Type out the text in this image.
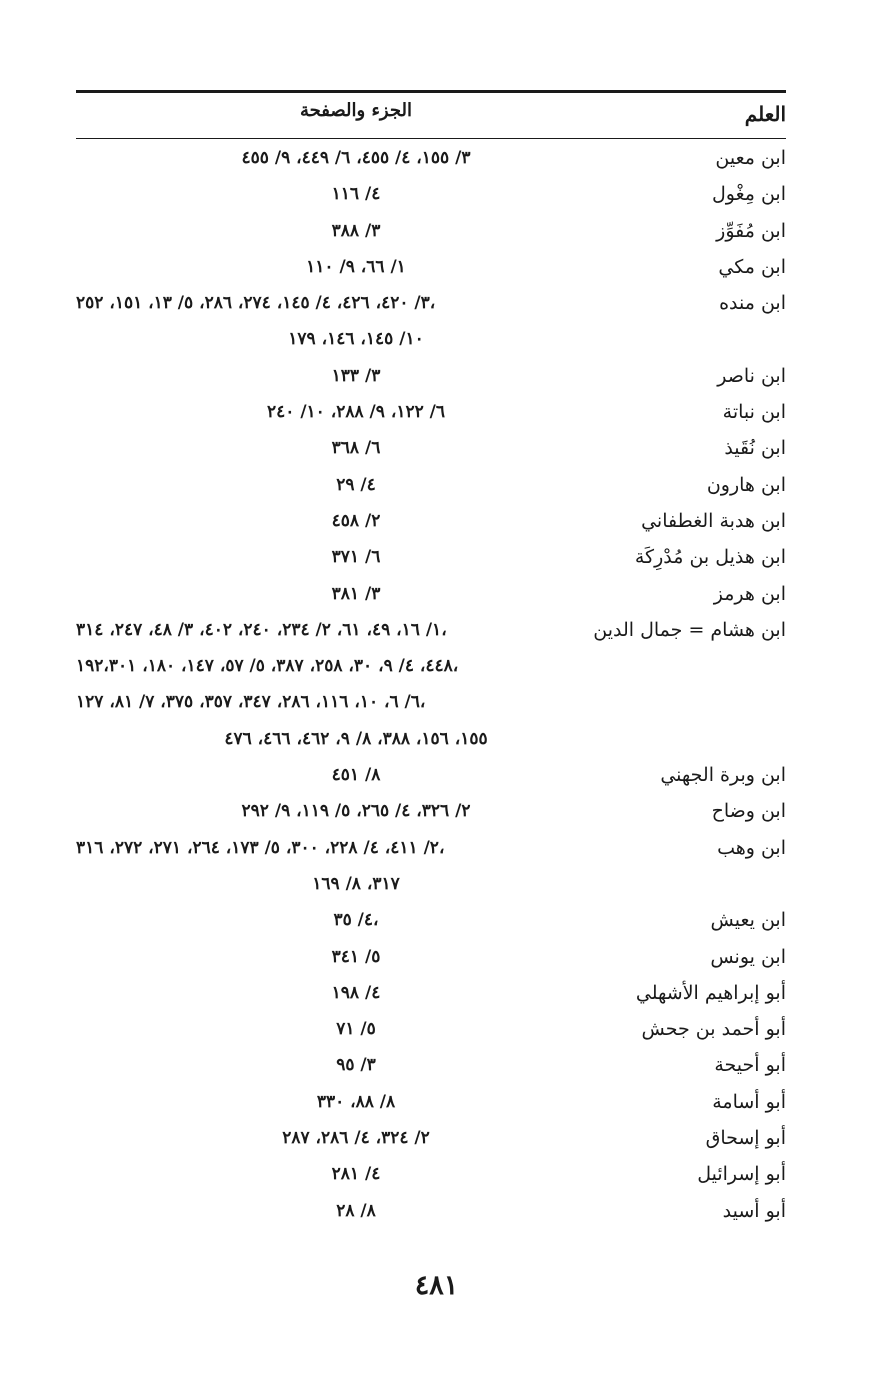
العلم
الجزء والصفحة
ابن معين
٣/ ١٥٥، ٤/ ٤٥٥، ٦/ ٤٤٩، ٩/ ٤٥٥
ابن مِغْول
٤/ ١١٦
ابن مُفَوِّز
٣/ ٣٨٨
ابن مكي
١/ ٦٦، ٩/ ١١٠
ابن منده
٣/ ٤٢٠، ٤٢٦، ٤/ ١٤٥، ٢٧٤، ٢٨٦، ٥/ ١٣، ١٥١، ٢٥٢،
١٠/ ١٤٥، ١٤٦، ١٧٩
ابن ناصر
٣/ ١٣٣
ابن نباتة
٦/ ١٢٢، ٩/ ٢٨٨، ١٠/ ٢٤٠
ابن نُقَيذ
٦/ ٣٦٨
ابن هارون
٤/ ٢٩
ابن هدبة الغطفاني
٢/ ٤٥٨
ابن هذيل بن مُدْرِكَة
٦/ ٣٧١
ابن هرمز
٣/ ٣٨١
ابن هشام = جمال الدين
١/ ١٦، ٤٩، ٦١، ٢/ ٢٣٤، ٢٤٠، ٤٠٢، ٣/ ٤٨، ٢٤٧، ٣١٤،
٤٤٨، ٤/ ٩، ٣٠، ٢٥٨، ٣٨٧، ٥/ ٥٧، ١٤٧، ١٨٠، ١٩٢،٣٠١،
٦/ ٦، ١٠، ١١٦، ٢٨٦، ٣٤٧، ٣٥٧، ٣٧٥، ٧/ ٨١، ١٢٧،
١٥٥، ١٥٦، ٣٨٨، ٨/ ٩، ٤٦٢، ٤٦٦، ٤٧٦
ابن وبرة الجهني
٨/ ٤٥١
ابن وضاح
٢/ ٣٢٦، ٤/ ٢٦٥، ٥/ ١١٩، ٩/ ٢٩٢
ابن وهب
٢/ ٤١١، ٤/ ٢٢٨، ٣٠٠، ٥/ ١٧٣، ٢٦٤، ٢٧١، ٢٧٢، ٣١٦،
٣١٧، ٨/ ١٦٩
ابن يعيش
٤/ ٣٥،
ابن يونس
٥/ ٣٤١
أبو إبراهيم الأشهلي
٤/ ١٩٨
أبو أحمد بن جحش
٥/ ٧١
أبو أحيحة
٣/ ٩٥
أبو أسامة
٨/ ٨٨، ٣٣٠
أبو إسحاق
٢/ ٣٢٤، ٤/ ٢٨٦، ٢٨٧
أبو إسرائيل
٤/ ٢٨١
أبو أسيد
٨/ ٢٨
٤٨١
